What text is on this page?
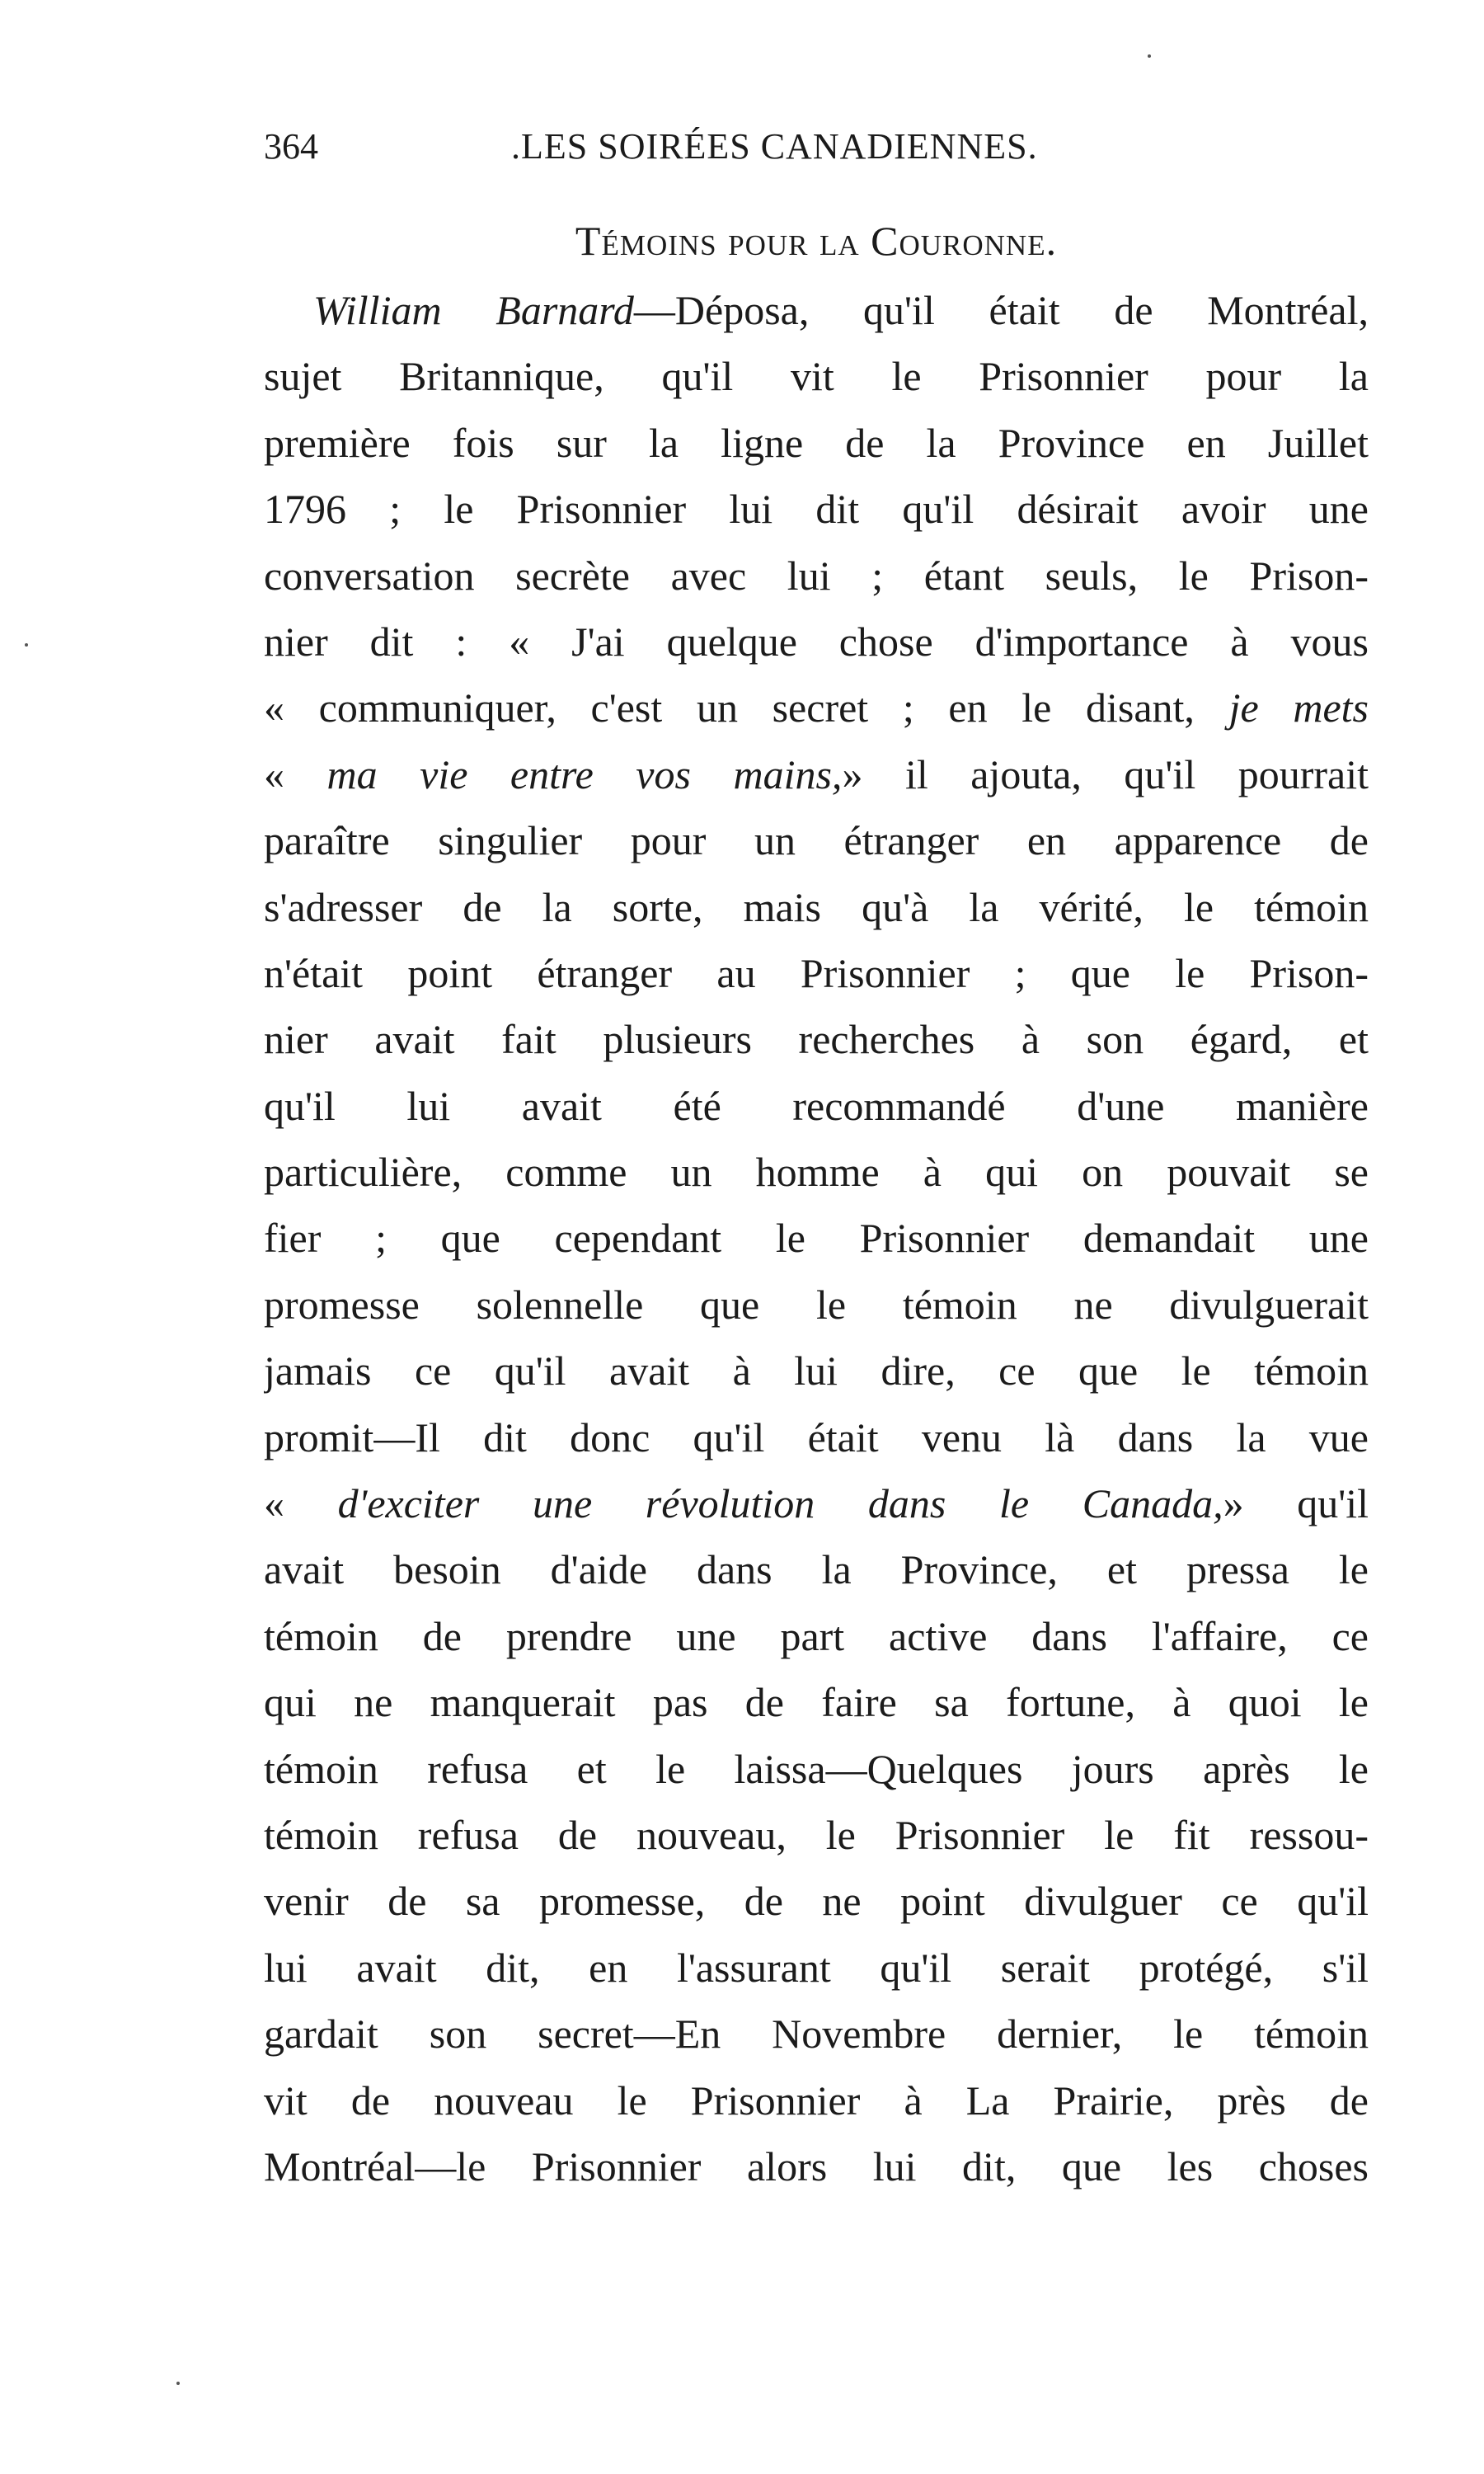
364	.LES SOIRÉES CANADIENNES.
Témoins pour la Couronne.
William Barnard—Déposa, qu'il était de Montréal,
sujet Britannique, qu'il vit le Prisonnier pour la
première fois sur la ligne de la Province en Juillet
1796 ; le Prisonnier lui dit qu'il désirait avoir une
conversation secrète avec lui ; étant seuls, le Prison-
nier dit : « J'ai quelque chose d'importance à vous
« communiquer, c'est un secret ; en le disant, je mets
« ma vie entre vos mains,» il ajouta, qu'il pourrait
paraître singulier pour un étranger en apparence de
s'adresser de la sorte, mais qu'à la vérité, le témoin
n'était point étranger au Prisonnier ; que le Prison-
nier avait fait plusieurs recherches à son égard, et
qu'il lui avait été recommandé d'une manière
particulière, comme un homme à qui on pouvait se
fier ; que cependant le Prisonnier demandait une
promesse solennelle que le témoin ne divulguerait
jamais ce qu'il avait à lui dire, ce que le témoin
promit—Il dit donc qu'il était venu là dans la vue
« d'exciter une révolution dans le Canada,» qu'il
avait besoin d'aide dans la Province, et pressa le
témoin de prendre une part active dans l'affaire, ce
qui ne manquerait pas de faire sa fortune, à quoi le
témoin refusa et le laissa—Quelques jours après le
témoin refusa de nouveau, le Prisonnier le fit ressou-
venir de sa promesse, de ne point divulguer ce qu'il
lui avait dit, en l'assurant qu'il serait protégé, s'il
gardait son secret—En Novembre dernier, le témoin
vit de nouveau le Prisonnier à La Prairie, près de
Montréal—le Prisonnier alors lui dit, que les choses
